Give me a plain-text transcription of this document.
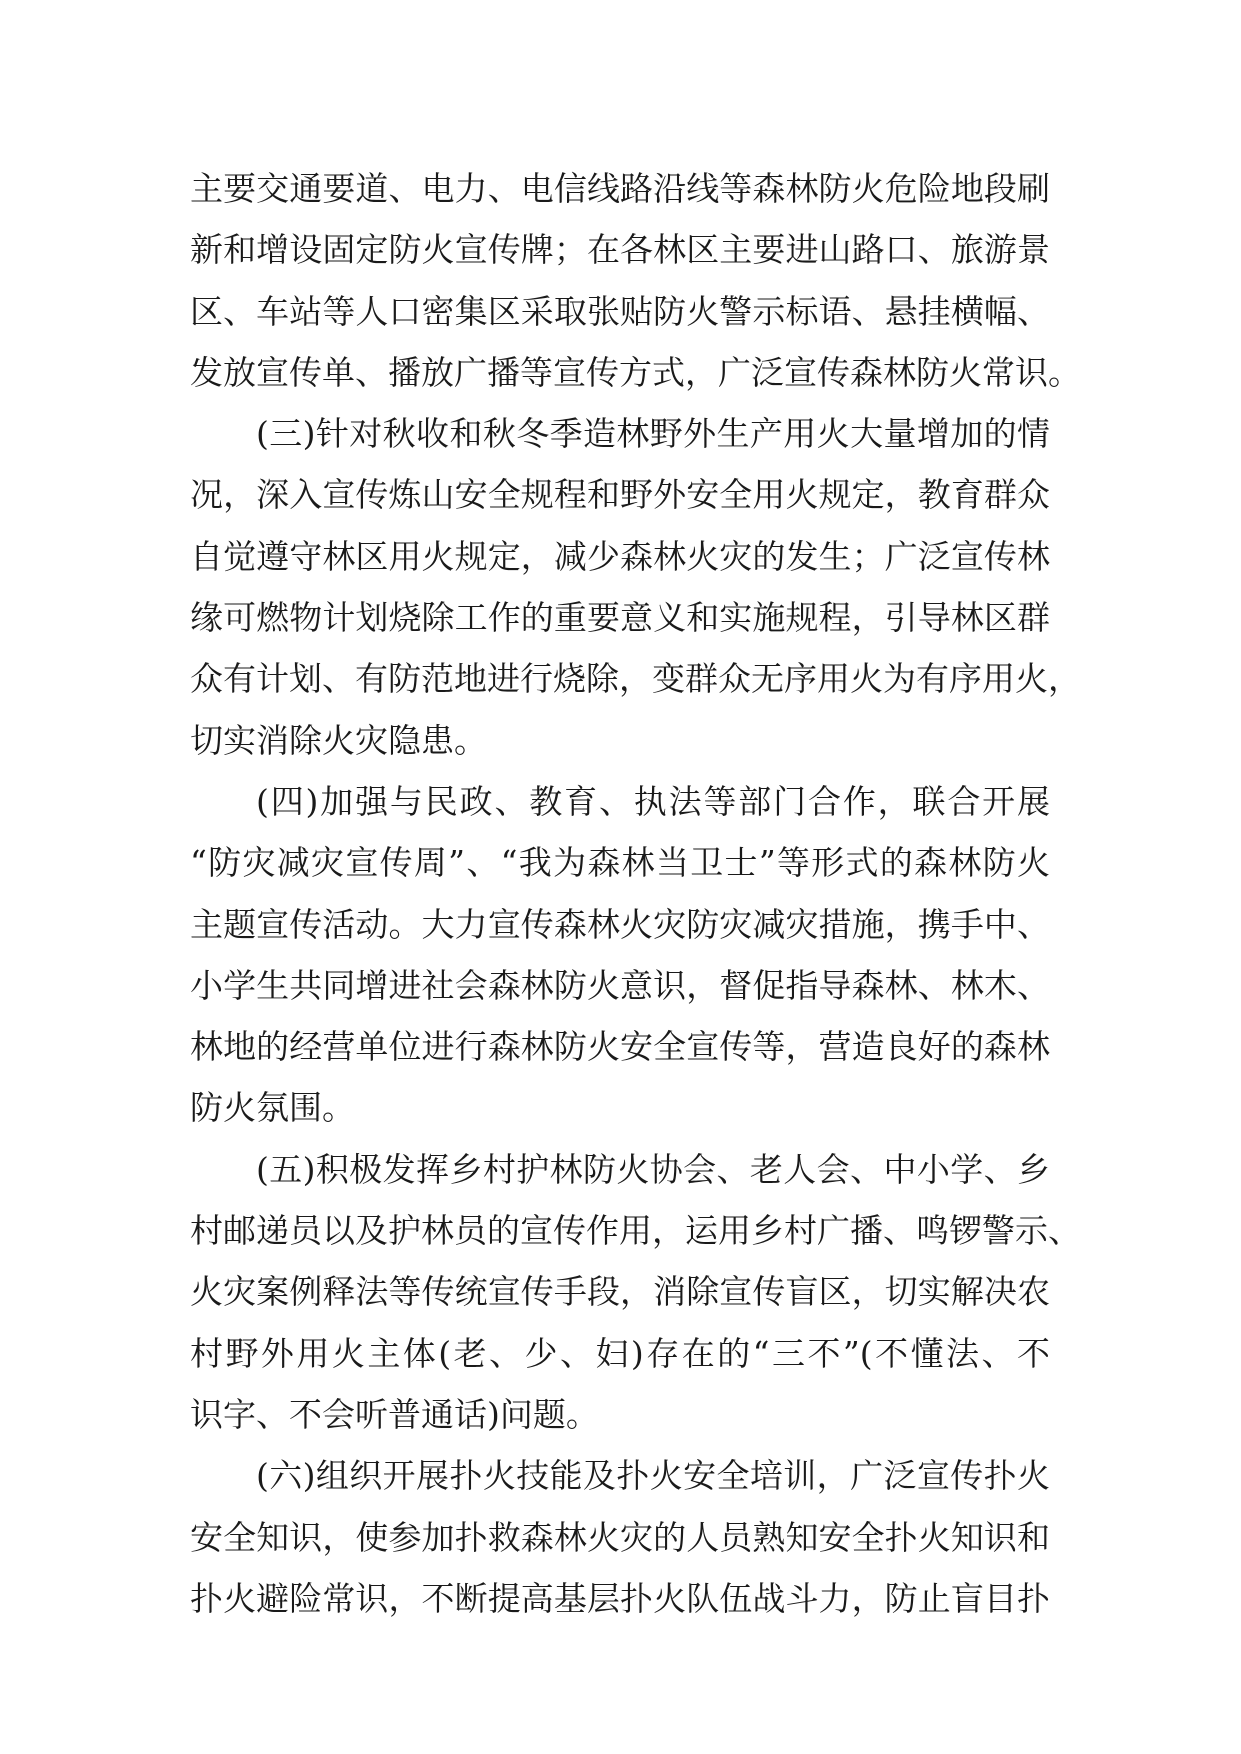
主要交通要道、电力、电信线路沿线等森林防火危险地段刷
新和增设固定防火宣传牌；在各林区主要进山路口、旅游景
区、车站等人口密集区采取张贴防火警示标语、悬挂横幅、
发放宣传单、播放广播等宣传方式，广泛宣传森林防火常识。
(三)针对秋收和秋冬季造林野外生产用火大量增加的情
况，深入宣传炼山安全规程和野外安全用火规定，教育群众
自觉遵守林区用火规定，减少森林火灾的发生；广泛宣传林
缘可燃物计划烧除工作的重要意义和实施规程，引导林区群
众有计划、有防范地进行烧除，变群众无序用火为有序用火，
切实消除火灾隐患。
(四)加强与民政、教育、执法等部门合作，联合开展
“防灾减灾宣传周”、“我为森林当卫士”等形式的森林防火
主题宣传活动。大力宣传森林火灾防灾减灾措施，携手中、
小学生共同增进社会森林防火意识，督促指导森林、林木、
林地的经营单位进行森林防火安全宣传等，营造良好的森林
防火氛围。
(五)积极发挥乡村护林防火协会、老人会、中小学、乡
村邮递员以及护林员的宣传作用，运用乡村广播、鸣锣警示、
火灾案例释法等传统宣传手段，消除宣传盲区，切实解决农
村野外用火主体(老、少、妇)存在的“三不”(不懂法、不
识字、不会听普通话)问题。
(六)组织开展扑火技能及扑火安全培训，广泛宣传扑火
安全知识，使参加扑救森林火灾的人员熟知安全扑火知识和
扑火避险常识，不断提高基层扑火队伍战斗力，防止盲目扑
